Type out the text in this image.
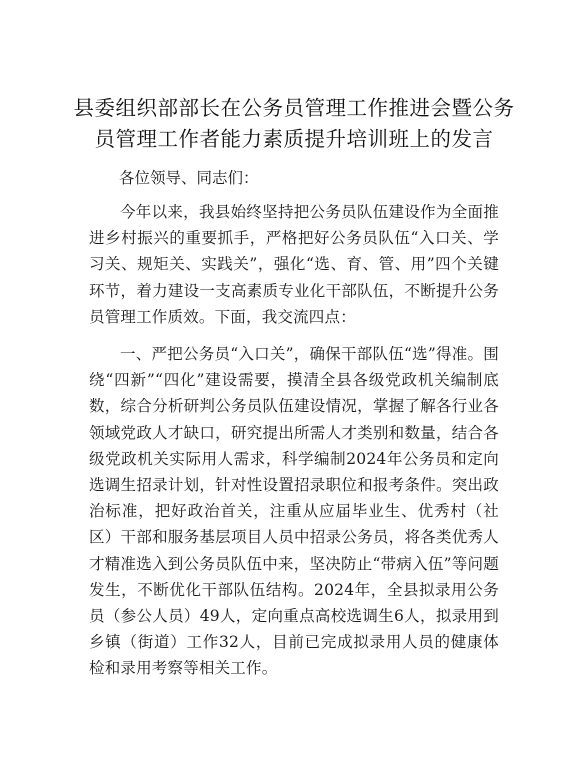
县委组织部部长在公务员管理工作推进会暨公务员管理工作者能力素质提升培训班上的发言

各位领导、同志们：

今年以来，我县始终坚持把公务员队伍建设作为全面推进乡村振兴的重要抓手，严格把好公务员队伍“入口关、学习关、规矩关、实践关”，强化“选、育、管、用”四个关键环节，着力建设一支高素质专业化干部队伍，不断提升公务员管理工作质效。下面，我交流四点：

一、严把公务员“入口关”，确保干部队伍“选”得准。围绕“四新”“四化”建设需要，摸清全县各级党政机关编制底数，综合分析研判公务员队伍建设情况，掌握了解各行业各领域党政人才缺口，研究提出所需人才类别和数量，结合各级党政机关实际用人需求，科学编制2024年公务员和定向选调生招录计划，针对性设置招录职位和报考条件。突出政治标准，把好政治首关，注重从应届毕业生、优秀村（社区）干部和服务基层项目人员中招录公务员，将各类优秀人才精准选入到公务员队伍中来，坚决防止“带病入伍”等问题发生，不断优化干部队伍结构。2024年，全县拟录用公务员（参公人员）49人，定向重点高校选调生6人，拟录用到乡镇（街道）工作32人，目前已完成拟录用人员的健康体检和录用考察等相关工作。
